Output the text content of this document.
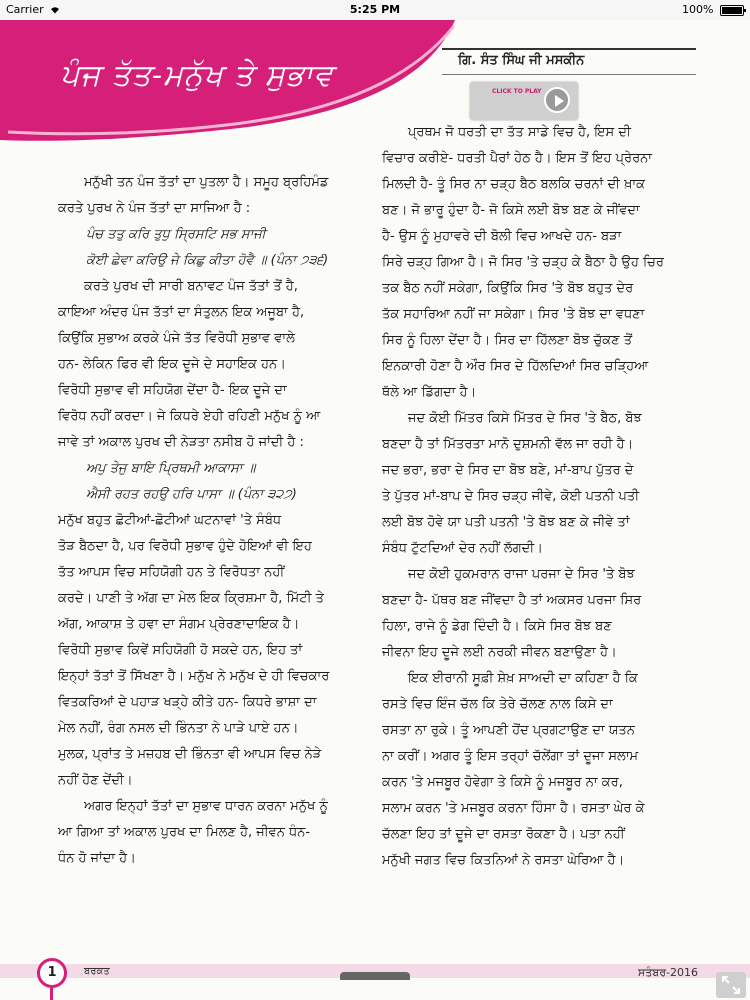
Carrier	5:25 PM	100%
ਪੰਜ ਤੱਤ-ਮਨੁੱਖ ਤੇ ਸੁਭਾਵ	ਗਿ. ਸੰਤ ਸਿੰਘ ਜੀ ਮਸਕੀਨ
CLICK TO PLAY

ਮਨੁੱਖੀ ਤਨ ਪੰਜ ਤੱਤਾਂ ਦਾ ਪੁਤਲਾ ਹੈ। ਸਮੂਹ ਬ੍ਰਹਿਮੰਡ

ਕਰਤੇ ਪੁਰਖ ਨੇ ਪੰਜ ਤੱਤਾਂ ਦਾ ਸਾਜਿਆ ਹੈ :

ਪੰਚ ਤਤੁ ਕਰਿ ਤੁਧੁ ਸ੍ਰਿਸਟਿ ਸਭ ਸਾਜੀ

ਕੋਈ ਛੇਵਾ ਕਰਿਉ ਜੇ ਕਿਛੁ ਕੀਤਾ ਹੋਵੈ ॥ (ਪੰਨਾ ੭੩੬)

ਕਰਤੇ ਪੁਰਖ ਦੀ ਸਾਰੀ ਬਨਾਵਟ ਪੰਜ ਤੱਤਾਂ ਤੋਂ ਹੈ,

ਕਾਇਆ ਅੰਦਰ ਪੰਜ ਤੱਤਾਂ ਦਾ ਸੰਤੁਲਨ ਇਕ ਅਜੂਬਾ ਹੈ,

ਕਿਉਂਕਿ ਸੁਭਾਅ ਕਰਕੇ ਪੰਜੇ ਤੱਤ ਵਿਰੋਧੀ ਸੁਭਾਵ ਵਾਲੇ

ਹਨ- ਲੇਕਿਨ ਫਿਰ ਵੀ ਇਕ ਦੂਜੇ ਦੇ ਸਹਾਇਕ ਹਨ।

ਵਿਰੋਧੀ ਸੁਭਾਵ ਵੀ ਸਹਿਯੋਗ ਦੇਂਦਾ ਹੈ- ਇਕ ਦੂਜੇ ਦਾ

ਵਿਰੋਧ ਨਹੀਂ ਕਰਦਾ। ਜੇ ਕਿਧਰੇ ਏਹੀ ਰਹਿਣੀ ਮਨੁੱਖ ਨੂੰ ਆ

ਜਾਵੇ ਤਾਂ ਅਕਾਲ ਪੁਰਖ ਦੀ ਨੇੜਤਾ ਨਸੀਬ ਹੋ ਜਾਂਦੀ ਹੈ :

ਅਪੁ ਤੇਜੁ ਬਾਇ ਪ੍ਰਿਥਮੀ ਆਕਾਸਾ ॥

ਐਸੀ ਰਹਤ ਰਹਉ ਹਰਿ ਪਾਸਾ ॥ (ਪੰਨਾ ੩੨੭)

ਮਨੁੱਖ ਬਹੁਤ ਛੋਟੀਆਂ-ਛੋਟੀਆਂ ਘਟਨਾਵਾਂ 'ਤੇ ਸੰਬੰਧ

ਤੋੜ ਬੈਠਦਾ ਹੈ, ਪਰ ਵਿਰੋਧੀ ਸੁਭਾਵ ਹੁੰਦੇ ਹੋਇਆਂ ਵੀ ਇਹ

ਤੱਤ ਆਪਸ ਵਿਚ ਸਹਿਯੋਗੀ ਹਨ ਤੇ ਵਿਰੋਧਤਾ ਨਹੀਂ

ਕਰਦੇ। ਪਾਣੀ ਤੇ ਅੱਗ ਦਾ ਮੇਲ ਇਕ ਕ੍ਰਿਸ਼ਮਾ ਹੈ, ਮਿੱਟੀ ਤੇ

ਅੱਗ, ਆਕਾਸ਼ ਤੇ ਹਵਾ ਦਾ ਸੰਗਮ ਪ੍ਰੇਰਣਾਦਾਇਕ ਹੈ।

ਵਿਰੋਧੀ ਸੁਭਾਵ ਕਿਵੇਂ ਸਹਿਯੋਗੀ ਹੋ ਸਕਦੇ ਹਨ, ਇਹ ਤਾਂ

ਇਨ੍ਹਾਂ ਤੱਤਾਂ ਤੋਂ ਸਿੱਖਣਾ ਹੈ। ਮਨੁੱਖ ਨੇ ਮਨੁੱਖ ਦੇ ਹੀ ਵਿਚਕਾਰ

ਵਿਤਕਰਿਆਂ ਦੇ ਪਹਾੜ ਖੜ੍ਹੇ ਕੀਤੇ ਹਨ- ਕਿਧਰੇ ਭਾਸ਼ਾ ਦਾ

ਮੇਲ ਨਹੀਂ, ਰੰਗ ਨਸਲ ਦੀ ਭਿੰਨਤਾ ਨੇ ਪਾੜੇ ਪਾਏ ਹਨ।

ਮੁਲਕ, ਪ੍ਰਾਂਤ ਤੇ ਮਜ਼ਹਬ ਦੀ ਭਿੰਨਤਾ ਵੀ ਆਪਸ ਵਿਚ ਨੇੜੇ

ਨਹੀਂ ਹੋਣ ਦੇਂਦੀ।

ਅਗਰ ਇਨ੍ਹਾਂ ਤੱਤਾਂ ਦਾ ਸੁਭਾਵ ਧਾਰਨ ਕਰਨਾ ਮਨੁੱਖ ਨੂੰ

ਆ ਗਿਆ ਤਾਂ ਅਕਾਲ ਪੁਰਖ ਦਾ ਮਿਲਣ ਹੈ, ਜੀਵਨ ਧੰਨ-

ਧੰਨ ਹੋ ਜਾਂਦਾ ਹੈ।

ਪ੍ਰਥਮ ਜੋ ਧਰਤੀ ਦਾ ਤੱਤ ਸਾਡੇ ਵਿਚ ਹੈ, ਇਸ ਦੀ

ਵਿਚਾਰ ਕਰੀਏ- ਧਰਤੀ ਪੈਰਾਂ ਹੇਠ ਹੈ। ਇਸ ਤੋਂ ਇਹ ਪ੍ਰੇਰਨਾ

ਮਿਲਦੀ ਹੈ- ਤੂੰ ਸਿਰ ਨਾ ਚੜ੍ਹ ਬੈਠ ਬਲਕਿ ਚਰਨਾਂ ਦੀ ਖ਼ਾਕ

ਬਣ। ਜੋ ਭਾਰੂ ਹੁੰਦਾ ਹੈ- ਜੋ ਕਿਸੇ ਲਈ ਬੋਝ ਬਣ ਕੇ ਜੀਂਵਦਾ

ਹੈ- ਉਸ ਨੂੰ ਮੁਹਾਵਰੇ ਦੀ ਬੋਲੀ ਵਿਚ ਆਖਦੇ ਹਨ- ਬੜਾ

ਸਿਰੇ ਚੜ੍ਹ ਗਿਆ ਹੈ। ਜੋ ਸਿਰ 'ਤੇ ਚੜ੍ਹ ਕੇ ਬੈਠਾ ਹੈ ਉਹ ਚਿਰ

ਤਕ ਬੈਠ ਨਹੀਂ ਸਕੇਗਾ, ਕਿਉਂਕਿ ਸਿਰ 'ਤੇ ਬੋਝ ਬਹੁਤ ਦੇਰ

ਤੱਕ ਸਹਾਰਿਆ ਨਹੀਂ ਜਾ ਸਕੇਗਾ। ਸਿਰ 'ਤੇ ਬੋਝ ਦਾ ਵਧਣਾ

ਸਿਰ ਨੂੰ ਹਿਲਾ ਦੇਂਦਾ ਹੈ। ਸਿਰ ਦਾ ਹਿੱਲਣਾ ਬੋਝ ਚੁੱਕਣ ਤੋਂ

ਇਨਕਾਰੀ ਹੋਣਾ ਹੈ ਔਰ ਸਿਰ ਦੇ ਹਿੱਲਦਿਆਂ ਸਿਰ ਚੜ੍ਹਿਆ

ਥੱਲੇ ਆ ਡਿੱਗਦਾ ਹੈ।

ਜਦ ਕੋਈ ਮਿੱਤਰ ਕਿਸੇ ਮਿੱਤਰ ਦੇ ਸਿਰ 'ਤੇ ਬੈਠ, ਬੋਝ

ਬਣਦਾ ਹੈ ਤਾਂ ਮਿੱਤਰਤਾ ਮਾਨੋ ਦੁਸ਼ਮਨੀ ਵੱਲ ਜਾ ਰਹੀ ਹੈ।

ਜਦ ਭਰਾ, ਭਰਾ ਦੇ ਸਿਰ ਦਾ ਬੋਝ ਬਣੇ, ਮਾਂ-ਬਾਪ ਪੁੱਤਰ ਦੇ

ਤੇ ਪੁੱਤਰ ਮਾਂ-ਬਾਪ ਦੇ ਸਿਰ ਚੜ੍ਹ ਜੀਵੇ, ਕੋਈ ਪਤਨੀ ਪਤੀ

ਲਈ ਬੋਝ ਹੋਵੇ ਯਾ ਪਤੀ ਪਤਨੀ 'ਤੇ ਬੋਝ ਬਣ ਕੇ ਜੀਵੇ ਤਾਂ

ਸੰਬੰਧ ਟੁੱਟਦਿਆਂ ਦੇਰ ਨਹੀਂ ਲੱਗਦੀ।

ਜਦ ਕੋਈ ਹੁਕਮਰਾਨ ਰਾਜਾ ਪਰਜਾ ਦੇ ਸਿਰ 'ਤੇ ਬੋਝ

ਬਣਦਾ ਹੈ- ਪੱਥਰ ਬਣ ਜੀਂਵਦਾ ਹੈ ਤਾਂ ਅਕਸਰ ਪਰਜਾ ਸਿਰ

ਹਿਲਾ, ਰਾਜੇ ਨੂੰ ਡੇਗ ਦਿੰਦੀ ਹੈ। ਕਿਸੇ ਸਿਰ ਬੋਝ ਬਣ

ਜੀਵਨਾ ਇਹ ਦੂਜੇ ਲਈ ਨਰਕੀ ਜੀਵਨ ਬਣਾਉਣਾ ਹੈ।

ਇਕ ਈਰਾਨੀ ਸੂਫ਼ੀ ਸ਼ੇਖ਼ ਸਾਅਦੀ ਦਾ ਕਹਿਣਾ ਹੈ ਕਿ

ਰਸਤੇ ਵਿਚ ਇੰਜ ਚੱਲ ਕਿ ਤੇਰੇ ਚੱਲਣ ਨਾਲ ਕਿਸੇ ਦਾ

ਰਸਤਾ ਨਾ ਰੁਕੇ। ਤੂੰ ਆਪਣੀ ਹੋਂਦ ਪ੍ਰਗਟਾਉਣ ਦਾ ਯਤਨ

ਨਾ ਕਰੀਂ। ਅਗਰ ਤੂੰ ਇਸ ਤਰ੍ਹਾਂ ਚੱਲੇਂਗਾ ਤਾਂ ਦੂਜਾ ਸਲਾਮ

ਕਰਨ 'ਤੇ ਮਜਬੂਰ ਹੋਵੇਗਾ ਤੇ ਕਿਸੇ ਨੂੰ ਮਜਬੂਰ ਨਾ ਕਰ,

ਸਲਾਮ ਕਰਨ 'ਤੇ ਮਜਬੂਰ ਕਰਨਾ ਹਿੰਸਾ ਹੈ। ਰਸਤਾ ਘੇਰ ਕੇ

ਚੱਲਣਾ ਇਹ ਤਾਂ ਦੂਜੇ ਦਾ ਰਸਤਾ ਰੋਕਣਾ ਹੈ। ਪਤਾ ਨਹੀਂ

ਮਨੁੱਖੀ ਜਗਤ ਵਿਚ ਕਿਤਨਿਆਂ ਨੇ ਰਸਤਾ ਘੇਰਿਆ ਹੈ।

1	ਬਰਕਤ	ਸਤੰਬਰ-2016
